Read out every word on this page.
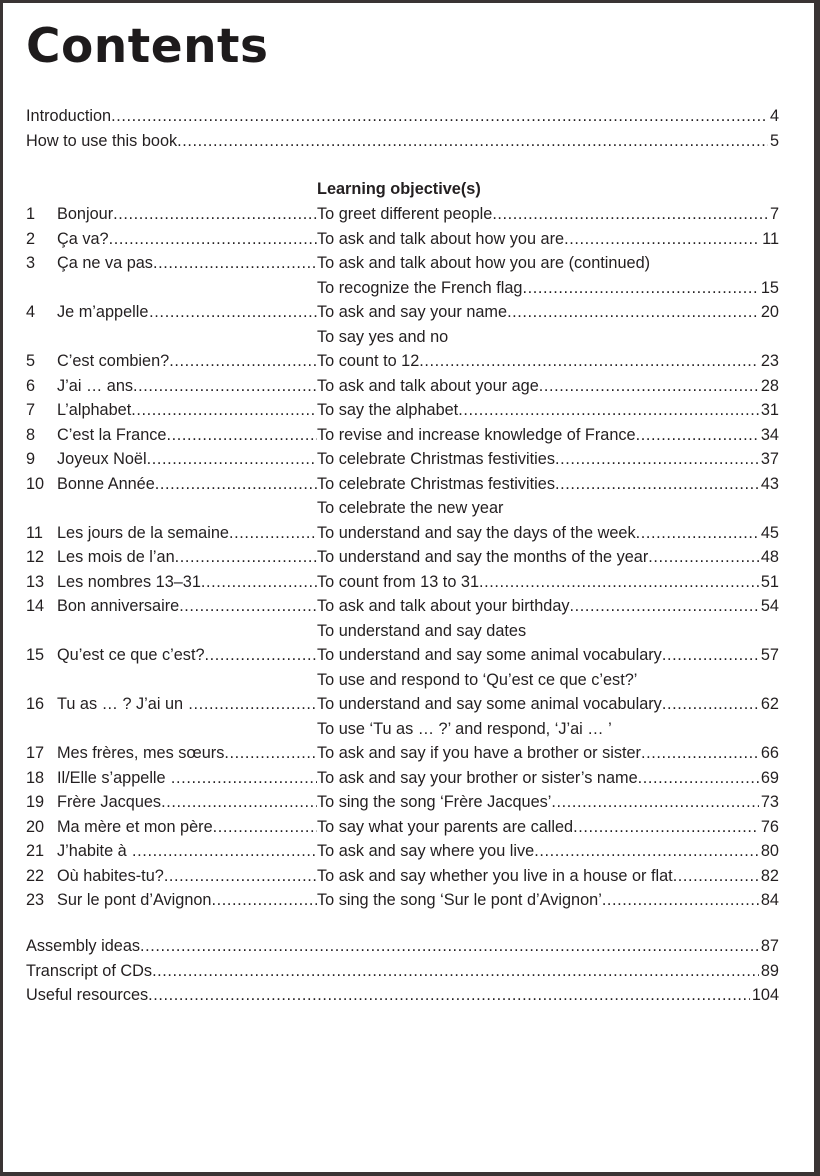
Contents
Introduction .....	4
How to use this book .....	5
Learning objective(s)
1 Bonjour .....	To greet different people .....	7
2 Ça va? .....	To ask and talk about how you are .....	11
3 Ça ne va pas .....	To ask and talk about how you are (continued)
To recognize the French flag .....	15
4 Je m’appelle… .....	To ask and say your name .....	20
To say yes and no
5 C’est combien? .....	To count to 12 .....	23
6 J’ai … ans .....	To ask and talk about your age .....	28
7 L’alphabet .....	To say the alphabet .....	31
8 C’est la France .....	To revise and increase knowledge of France .....	34
9 Joyeux Noël .....	To celebrate Christmas festivities .....	37
10 Bonne Année .....	To celebrate Christmas festivities .....	43
To celebrate the new year
11 Les jours de la semaine .....	To understand and say the days of the week .....	45
12 Les mois de l’an .....	To understand and say the months of the year .....	48
13 Les nombres 13–31 .....	To count from 13 to 31 .....	51
14 Bon anniversaire .....	To ask and talk about your birthday .....	54
To understand and say dates
15 Qu’est ce que c’est? .....	To understand and say some animal vocabulary .....	57
To use and respond to ‘Qu’est ce que c’est?’
16 Tu as … ? J’ai un … .....	To understand and say some animal vocabulary .....	62
To use ‘Tu as … ?’ and respond, ‘J’ai … ’
17 Mes frères, mes sœurs .....	To ask and say if you have a brother or sister .....	66
18 Il/Elle s’appelle … .....	To ask and say your brother or sister’s name .....	69
19 Frère Jacques .....	To sing the song ‘Frère Jacques’ .....	73
20 Ma mère et mon père .....	To say what your parents are called .....	76
21 J’habite à … .....	To ask and say where you live .....	80
22 Où habites-tu? .....	To ask and say whether you live in a house or flat .....	82
23 Sur le pont d’Avignon .....	To sing the song ‘Sur le pont d’Avignon’ .....	84
Assembly ideas .....	87
Transcript of CDs .....	89
Useful resources .....	104
